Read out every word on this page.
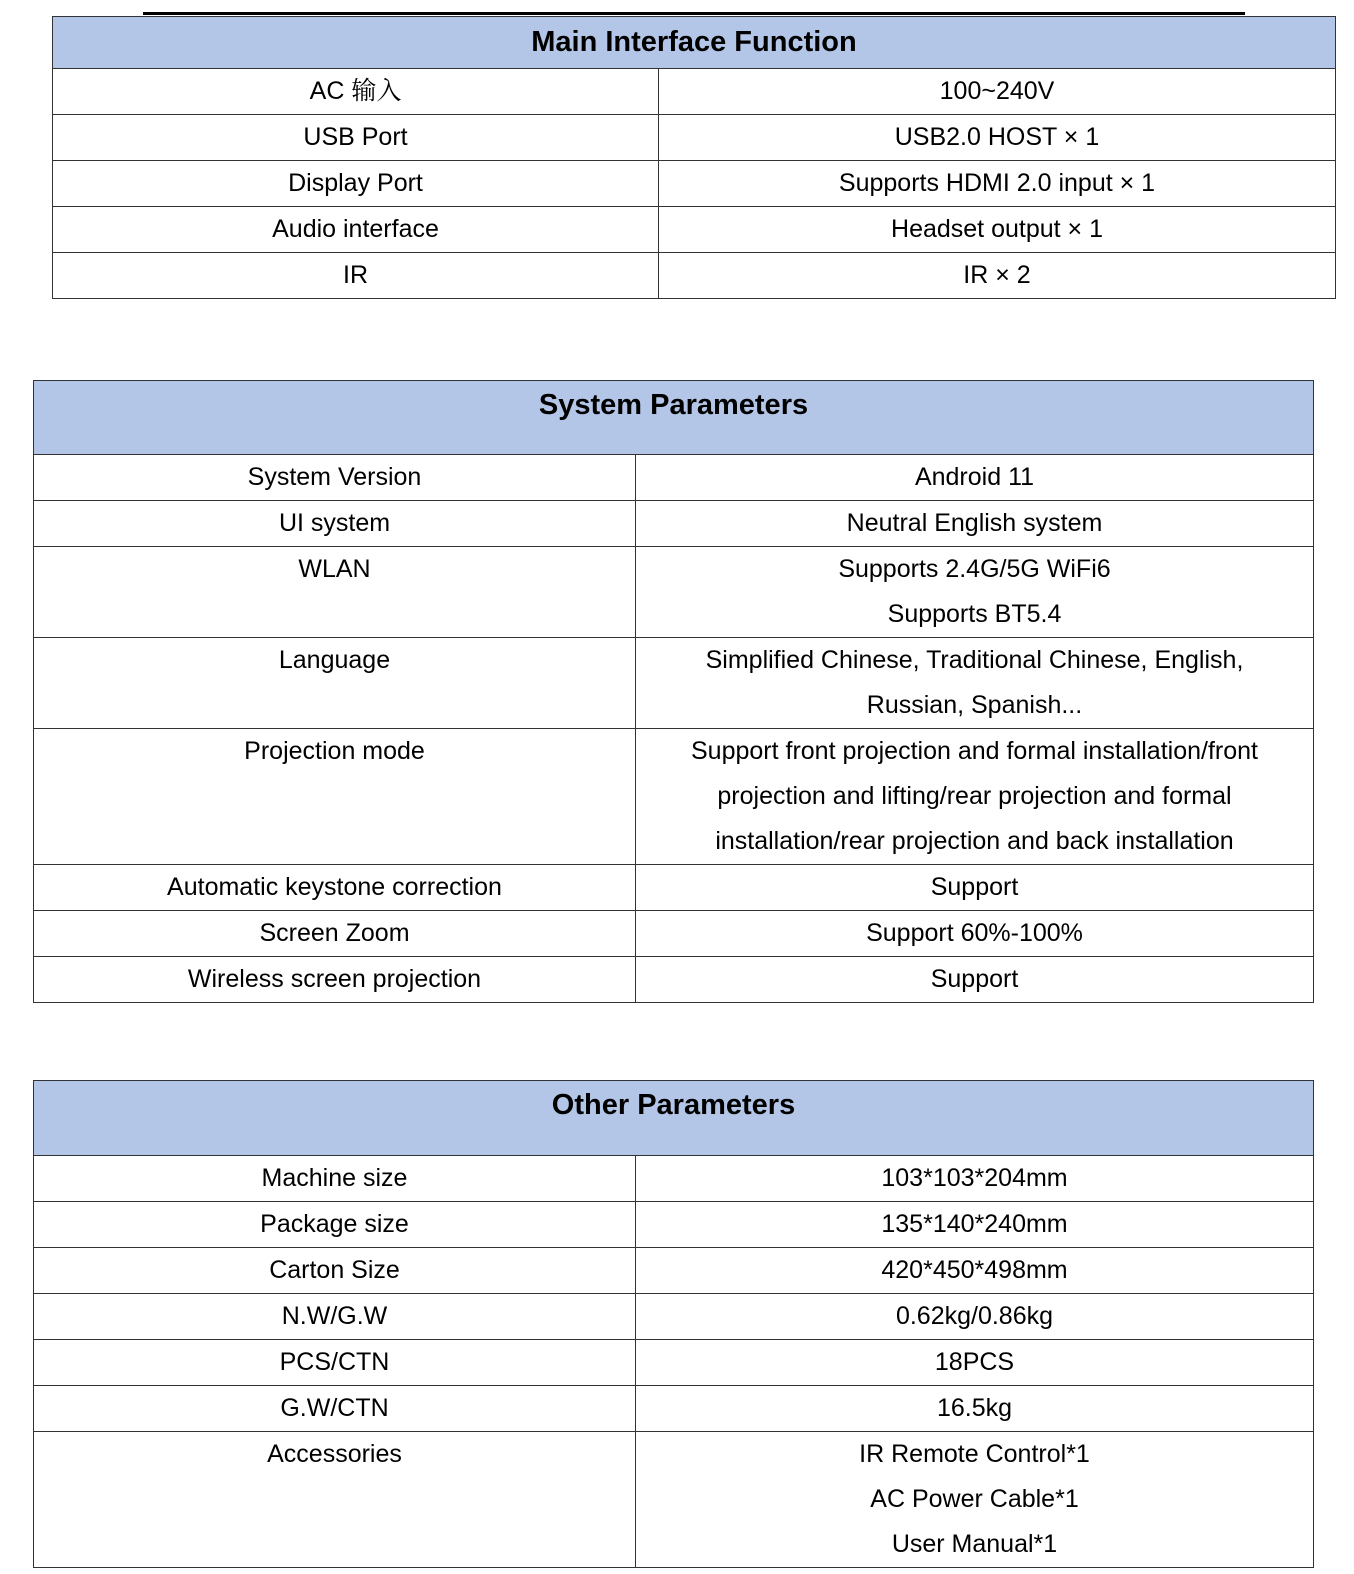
Main Interface Function	
AC 输入	100~240V

USB Port	USB2.0 HOST × 1

Display Port	Supports HDMI 2.0 input × 1

Audio interface	Headset output × 1

IR	IR × 2
System Parameters	
System Version	Android 11

UI system	Neutral English system

WLAN	Supports 2.4G/5G WiFi6
Supports BT5.4

Language	Simplified Chinese, Traditional Chinese, English,
Russian, Spanish...

Projection mode	Support front projection and formal installation/front
projection and lifting/rear projection and formal
installation/rear projection and back installation

Automatic keystone correction	Support

Screen Zoom	Support 60%-100%

Wireless screen projection	Support
Other Parameters	
Machine size	103*103*204mm

Package size	135*140*240mm

Carton Size	420*450*498mm

N.W/G.W	0.62kg/0.86kg

PCS/CTN	18PCS

G.W/CTN	16.5kg

Accessories	IR Remote Control*1
AC Power Cable*1
User Manual*1
